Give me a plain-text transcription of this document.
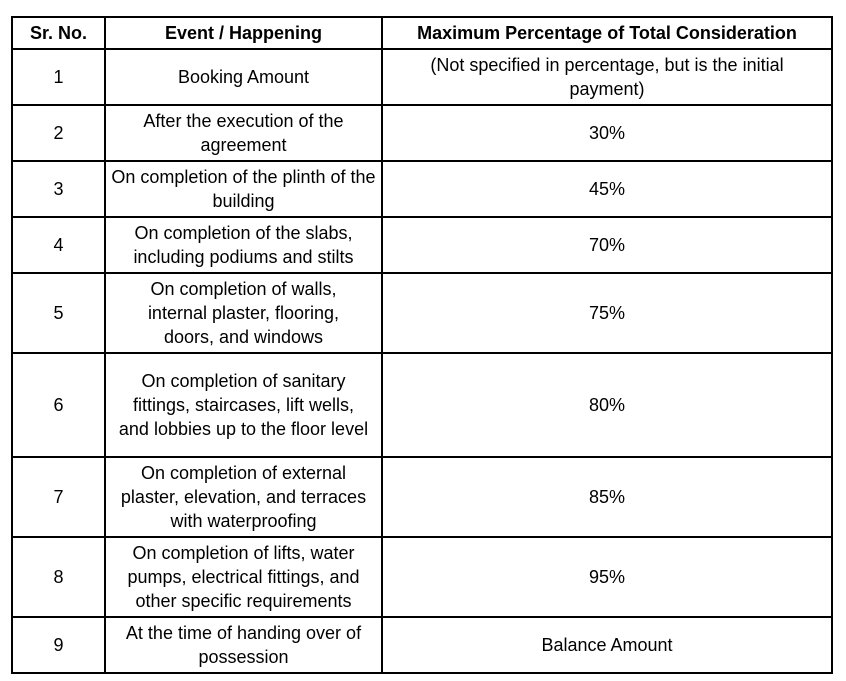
Sr. No.	Event / Happening	Maximum Percentage of Total Consideration
1	Booking Amount	(Not specified in percentage, but is the initial payment)
2	After the execution of the agreement	30%
3	On completion of the plinth of the building	45%
4	On completion of the slabs, including podiums and stilts	70%
5	On completion of walls, internal plaster, flooring, doors, and windows	75%
6	On completion of sanitary fittings, staircases, lift wells, and lobbies up to the floor level	80%
7	On completion of external plaster, elevation, and terraces with waterproofing	85%
8	On completion of lifts, water pumps, electrical fittings, and other specific requirements	95%
9	At the time of handing over of possession	Balance Amount
